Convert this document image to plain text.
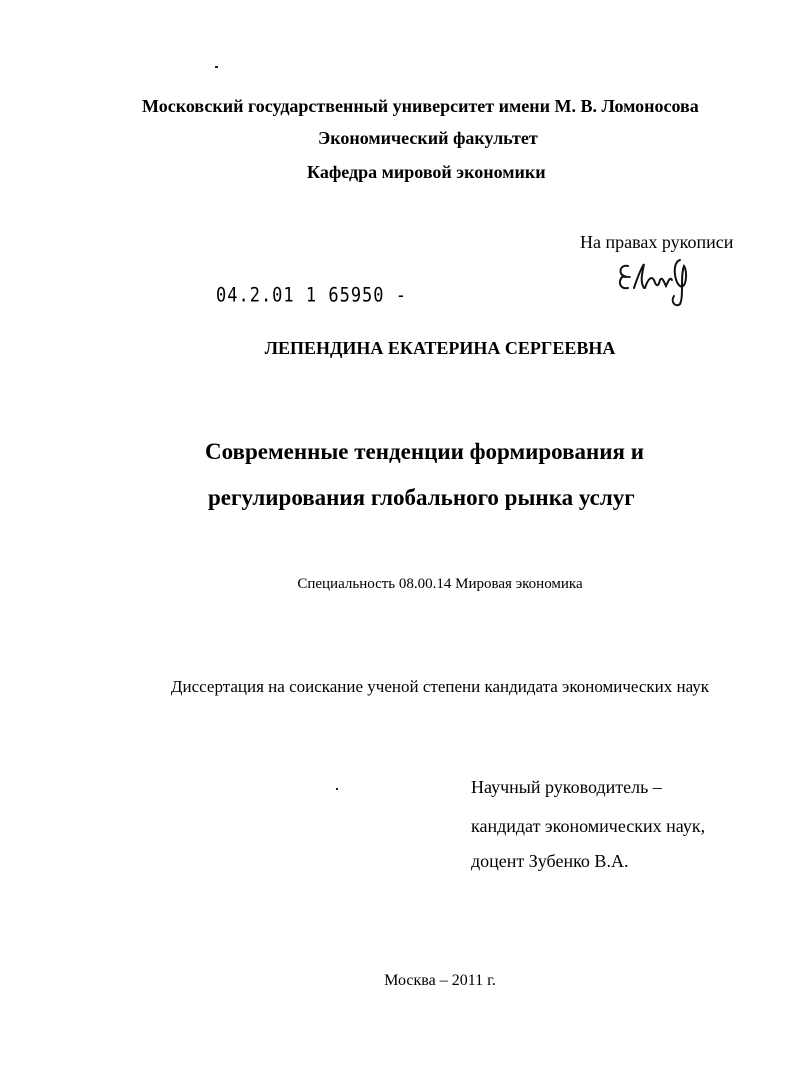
Московский государственный университет имени М. В. Ломоносова
Экономический факультет
Кафедра мировой экономики
На правах рукописи
04.2.01 1 65950 -
ЛЕПЕНДИНА ЕКАТЕРИНА СЕРГЕЕВНА
Современные тенденции формирования и
регулирования глобального рынка услуг
Специальность 08.00.14 Мировая экономика
Диссертация на соискание ученой степени кандидата экономических наук
Научный руководитель –
кандидат экономических наук,
доцент Зубенко В.А.
Москва – 2011 г.
